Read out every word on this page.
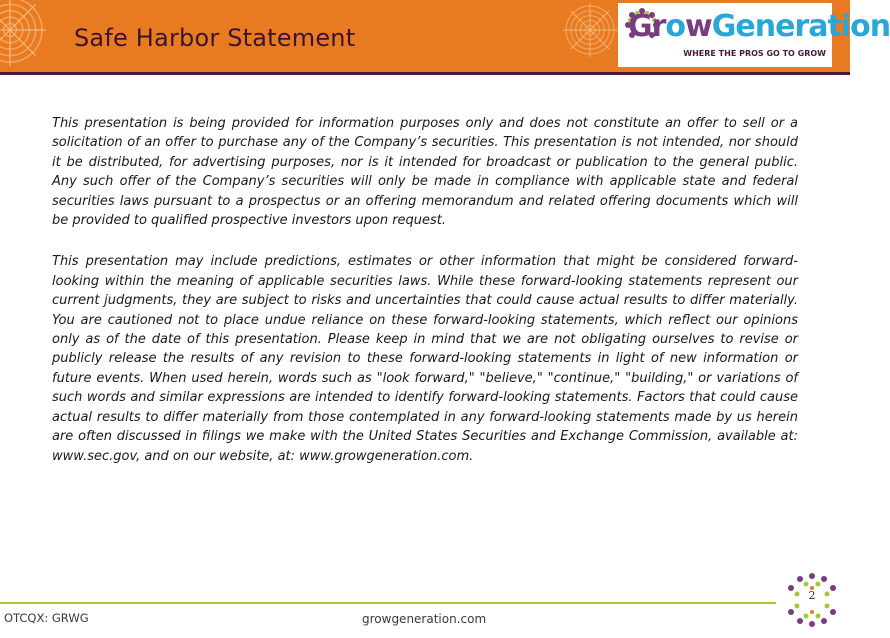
Safe Harbor Statement	GrowGeneration
WHERE THE PROS GO TO GROW

This presentation is being provided for information purposes only and does not constitute an offer to sell or a solicitation of an offer to purchase any of the Company’s securities. This presentation is not intended, nor should it be distributed, for advertising purposes, nor is it intended for broadcast or publication to the general public. Any such offer of the Company’s securities will only be made in compliance with applicable state and federal securities laws pursuant to a prospectus or an offering memorandum and related offering documents which will be provided to qualified prospective investors upon request.

This presentation may include predictions, estimates or other information that might be considered forward-looking within the meaning of applicable securities laws. While these forward-looking statements represent our current judgments, they are subject to risks and uncertainties that could cause actual results to differ materially. You are cautioned not to place undue reliance on these forward-looking statements, which reflect our opinions only as of the date of this presentation. Please keep in mind that we are not obligating ourselves to revise or publicly release the results of any revision to these forward-looking statements in light of new information or future events. When used herein, words such as "look forward," "believe," "continue," "building," or variations of such words and similar expressions are intended to identify forward-looking statements. Factors that could cause actual results to differ materially from those contemplated in any forward-looking statements made by us herein are often discussed in filings we make with the United States Securities and Exchange Commission, available at: www.sec.gov, and on our website, at: www.growgeneration.com.

OTCQX: GRWG	growgeneration.com
2
